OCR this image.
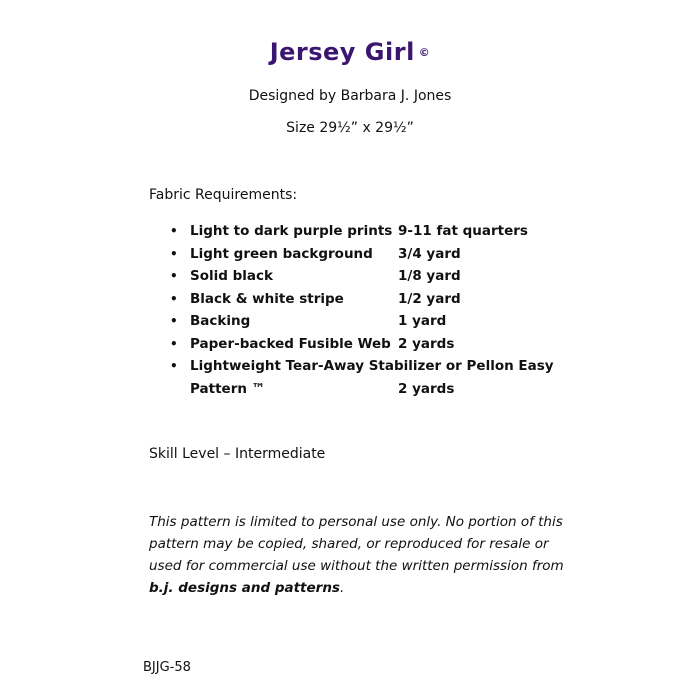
Jersey Girl ©
Designed by Barbara J. Jones
Size 29½” x 29½”
Fabric Requirements:
• Light to dark purple prints 9-11 fat quarters
• Light green background 3/4 yard
• Solid black	1/8 yard
• Black & white stripe	1/2 yard
• Backing	1 yard
• Paper-backed Fusible Web 2 yards
• Lightweight Tear-Away Stabilizer or Pellon Easy
Pattern ™	2 yards
Skill Level – Intermediate
This pattern is limited to personal use only. No portion of this pattern may be copied, shared, or reproduced for resale or used for commercial use without the written permission from b.j. designs and patterns.
BJJG-58
